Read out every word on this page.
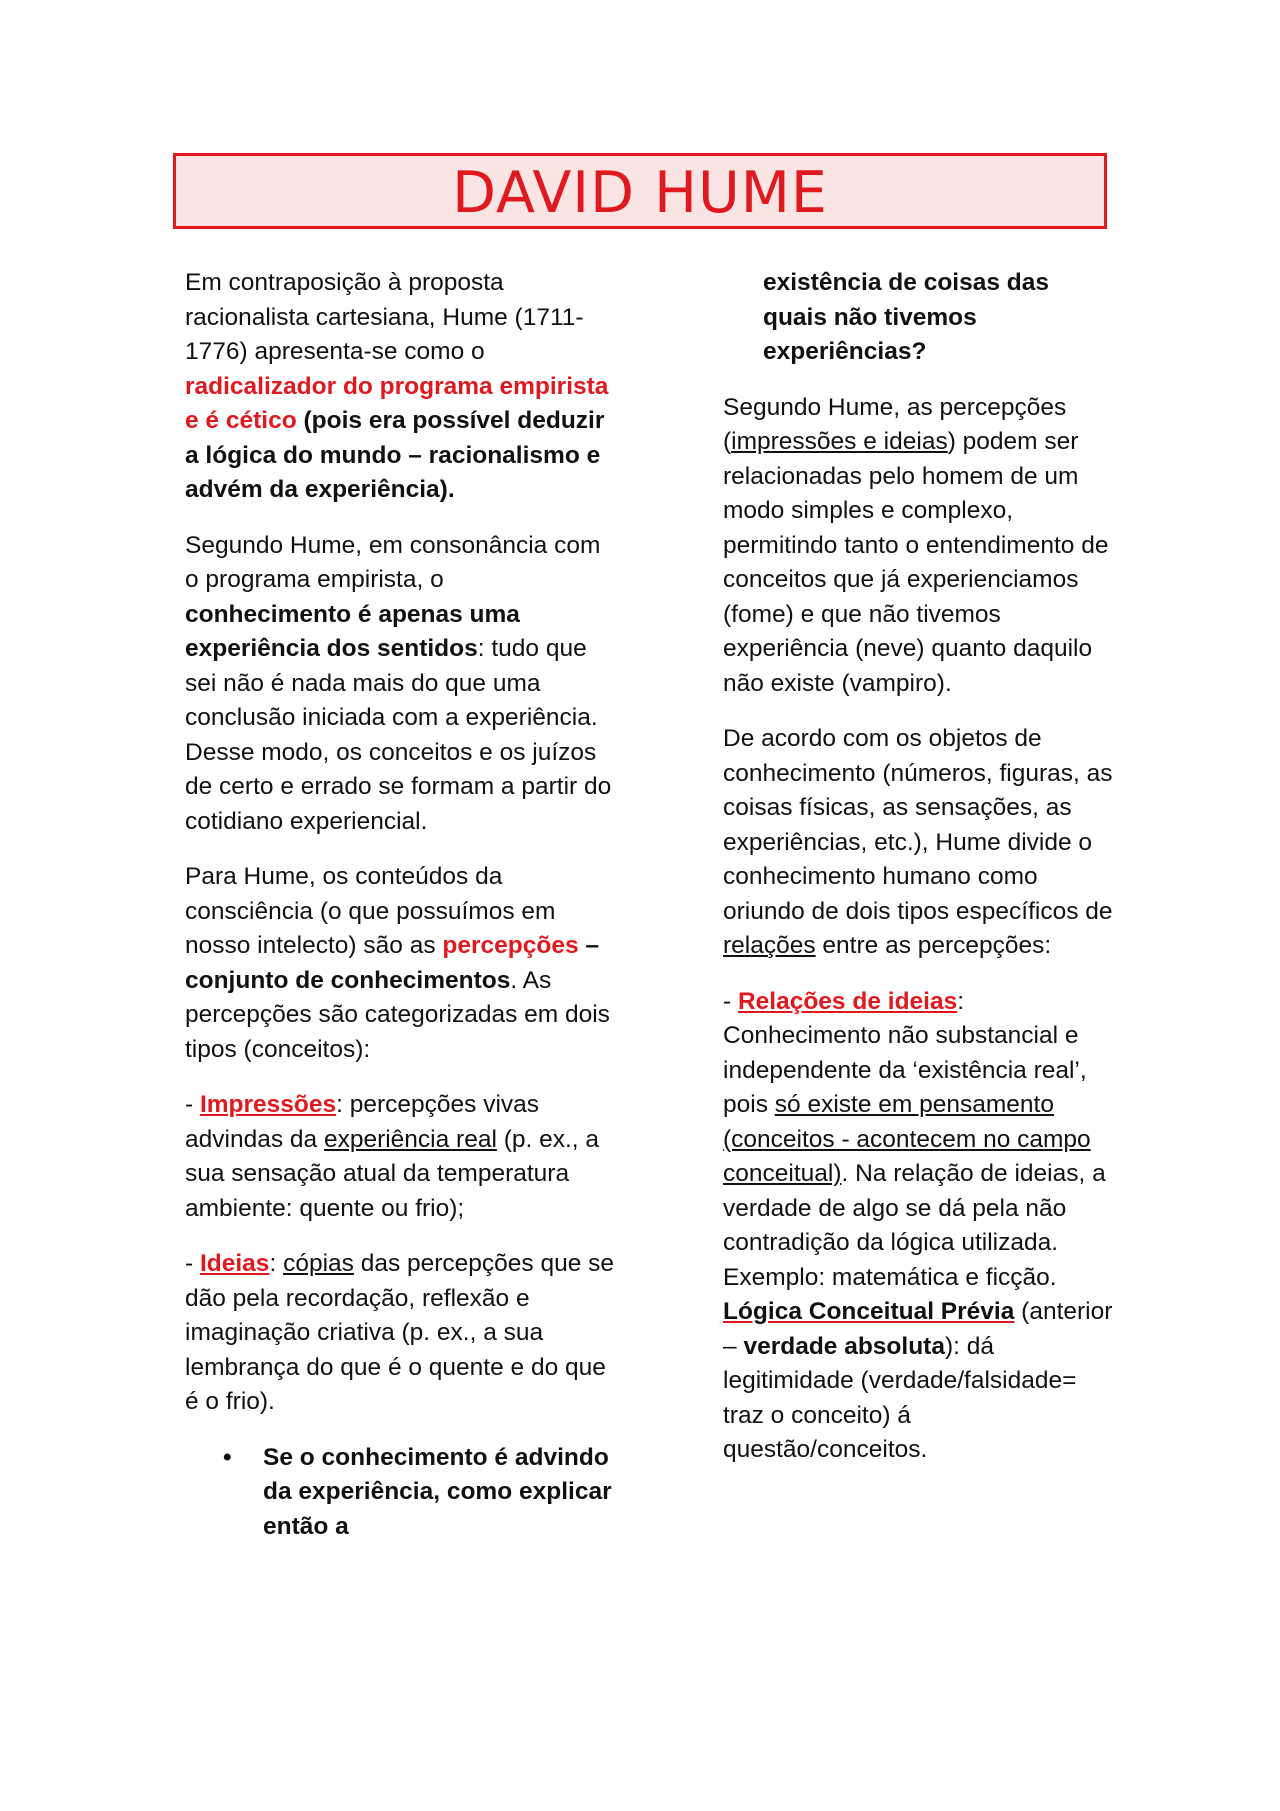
DAVID HUME

Em contraposição à proposta racionalista cartesiana, Hume (1711-1776) apresenta-se como o radicalizador do programa empirista e é cético (pois era possível deduzir a lógica do mundo – racionalismo e advém da experiência).

Segundo Hume, em consonância com o programa empirista, o conhecimento é apenas uma experiência dos sentidos: tudo que sei não é nada mais do que uma conclusão iniciada com a experiência. Desse modo, os conceitos e os juízos de certo e errado se formam a partir do cotidiano experiencial.

Para Hume, os conteúdos da consciência (o que possuímos em nosso intelecto) são as percepções – conjunto de conhecimentos. As percepções são categorizadas em dois tipos (conceitos):

- Impressões: percepções vivas advindas da experiência real (p. ex., a sua sensação atual da temperatura ambiente: quente ou frio);

- Ideias: cópias das percepções que se dão pela recordação, reflexão e imaginação criativa (p. ex., a sua lembrança do que é o quente e do que é o frio).

• Se o conhecimento é advindo da experiência, como explicar então a
existência de coisas das quais não tivemos experiências?

Segundo Hume, as percepções (impressões e ideias) podem ser relacionadas pelo homem de um modo simples e complexo, permitindo tanto o entendimento de conceitos que já experienciamos (fome) e que não tivemos experiência (neve) quanto daquilo não existe (vampiro).

De acordo com os objetos de conhecimento (números, figuras, as coisas físicas, as sensações, as experiências, etc.), Hume divide o conhecimento humano como oriundo de dois tipos específicos de relações entre as percepções:

- Relações de ideias: Conhecimento não substancial e independente da ‘existência real’, pois só existe em pensamento (conceitos - acontecem no campo conceitual). Na relação de ideias, a verdade de algo se dá pela não contradição da lógica utilizada. Exemplo: matemática e ficção. Lógica Conceitual Prévia (anterior – verdade absoluta): dá legitimidade (verdade/falsidade= traz o conceito) á questão/conceitos.
